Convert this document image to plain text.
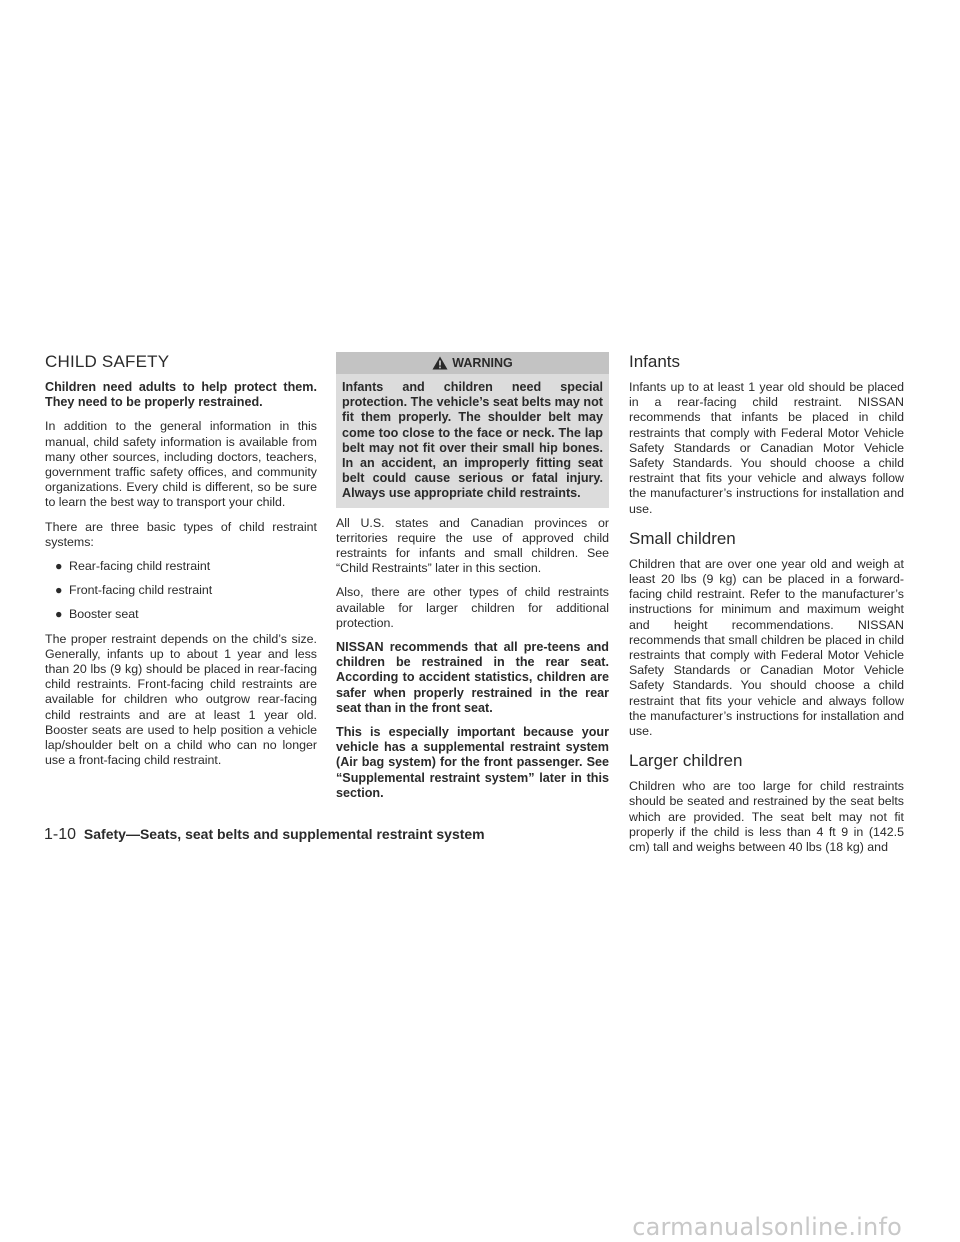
CHILD SAFETY

Children need adults to help protect them. They need to be properly restrained.

In addition to the general information in this manual, child safety information is available from many other sources, including doctors, teachers, government traffic safety offices, and community organizations. Every child is different, so be sure to learn the best way to transport your child.

There are three basic types of child restraint systems:

● Rear-facing child restraint
● Front-facing child restraint
● Booster seat

The proper restraint depends on the child’s size. Generally, infants up to about 1 year and less than 20 lbs (9 kg) should be placed in rear-facing child restraints. Front-facing child restraints are available for children who outgrow rear-facing child restraints and are at least 1 year old. Booster seats are used to help position a vehicle lap/shoulder belt on a child who can no longer use a front-facing child restraint.

WARNING
Infants and children need special protection. The vehicle’s seat belts may not fit them properly. The shoulder belt may come too close to the face or neck. The lap belt may not fit over their small hip bones. In an accident, an improperly fitting seat belt could cause serious or fatal injury. Always use appropriate child restraints.

All U.S. states and Canadian provinces or territories require the use of approved child restraints for infants and small children. See “Child Restraints” later in this section.

Also, there are other types of child restraints available for larger children for additional protection.

NISSAN recommends that all pre-teens and children be restrained in the rear seat. According to accident statistics, children are safer when properly restrained in the rear seat than in the front seat.

This is especially important because your vehicle has a supplemental restraint system (Air bag system) for the front passenger. See “Supplemental restraint system” later in this section.

Infants

Infants up to at least 1 year old should be placed in a rear-facing child restraint. NISSAN recommends that infants be placed in child restraints that comply with Federal Motor Vehicle Safety Standards or Canadian Motor Vehicle Safety Standards. You should choose a child restraint that fits your vehicle and always follow the manufacturer’s instructions for installation and use.

Small children

Children that are over one year old and weigh at least 20 lbs (9 kg) can be placed in a forward-facing child restraint. Refer to the manufacturer’s instructions for minimum and maximum weight and height recommendations. NISSAN recommends that small children be placed in child restraints that comply with Federal Motor Vehicle Safety Standards or Canadian Motor Vehicle Safety Standards. You should choose a child restraint that fits your vehicle and always follow the manufacturer’s instructions for installation and use.

Larger children

Children who are too large for child restraints should be seated and restrained by the seat belts which are provided. The seat belt may not fit properly if the child is less than 4 ft 9 in (142.5 cm) tall and weighs between 40 lbs (18 kg) and

1-10 Safety—Seats, seat belts and supplemental restraint system
carmanualsonline.info
